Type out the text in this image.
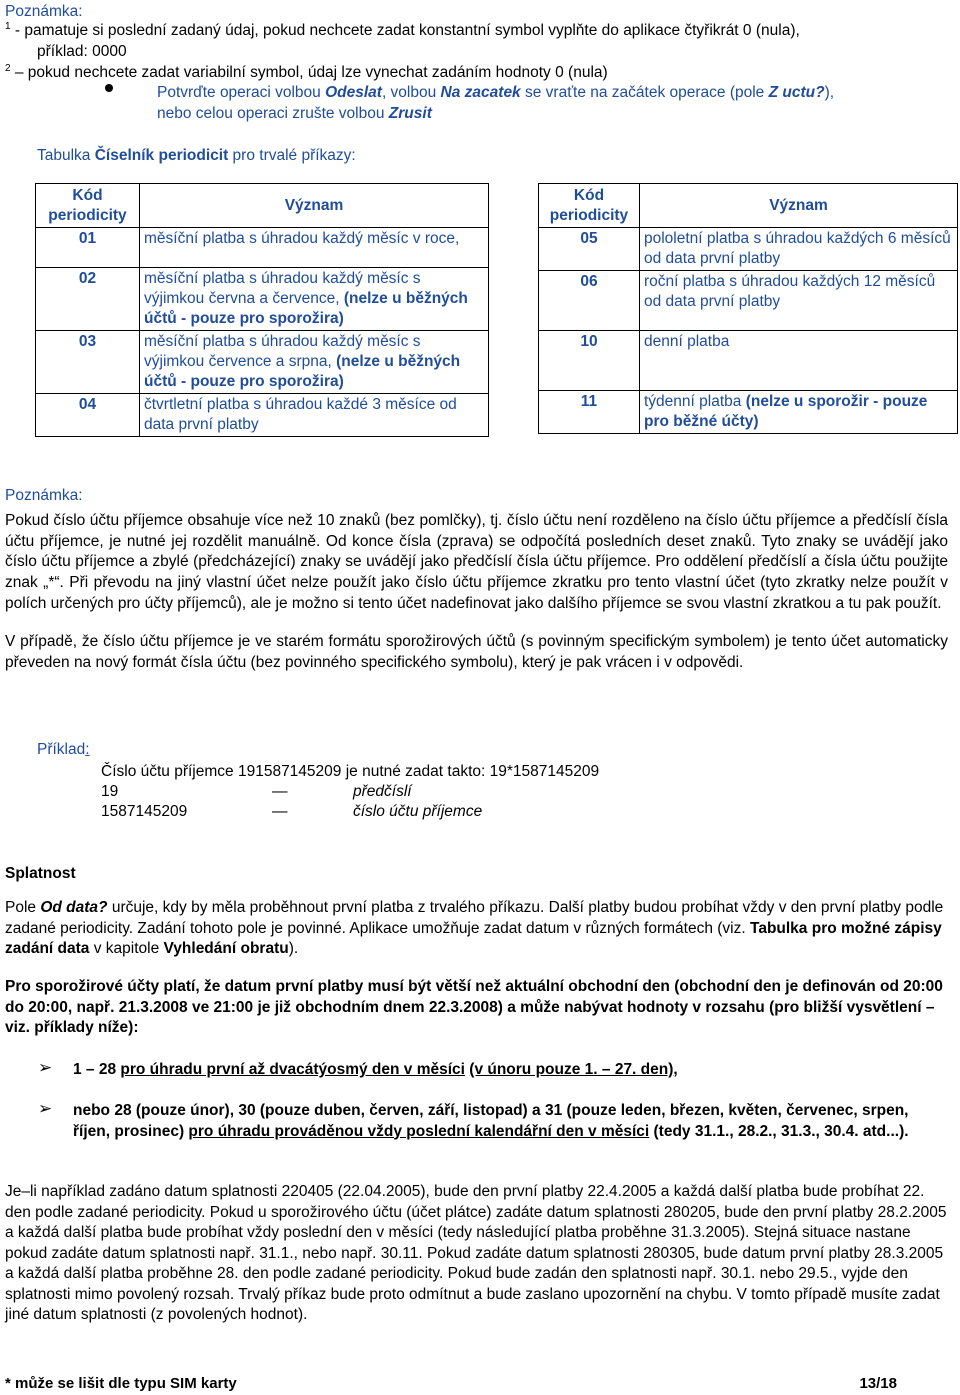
Poznámka:
$^1$ - pamatuje si poslední zadaný údaj, pokud nechcete zadat konstantní symbol vyplňte do aplikace čtyřikrát 0 (nula),
příklad: 0000
$^2$ – pokud nechcete zadat variabilní symbol, údaj lze vynechat zadáním hodnoty 0 (nula)
Potvrďte operaci volbou Odeslat, volbou Na zacatek se vraťte na začátek operace (pole Z uctu?),
nebo celou operaci zrušte volbou Zrusit
Tabulka Číselník periodicit pro trvalé příkazy:
Kód
periodicity	Význam
01	měsíční platba s úhradou každý měsíc v roce,
02	měsíční platba s úhradou každý měsíc s výjimkou června a července, (nelze u běžných účtů - pouze pro sporožira)
03	měsíční platba s úhradou každý měsíc s výjimkou července a srpna, (nelze u běžných účtů - pouze pro sporožira)
04	čtvrtletní platba s úhradou každé 3 měsíce od data první platby
Kód
periodicity	Význam
05	pololetní platba s úhradou každých 6 měsíců od data první platby
06	roční platba s úhradou každých 12 měsíců od data první platby
10	denní platba
11	týdenní platba (nelze u sporožir - pouze pro běžné účty)
Poznámka:
Pokud číslo účtu příjemce obsahuje více než 10 znaků (bez pomlčky), tj. číslo účtu není rozděleno na číslo účtu příjemce a předčíslí čísla účtu příjemce, je nutné jej rozdělit manuálně. Od konce čísla (zprava) se odpočítá posledních deset znaků. Tyto znaky se uvádějí jako číslo účtu příjemce a zbylé (předcházející) znaky se uvádějí jako předčíslí čísla účtu příjemce. Pro oddělení předčíslí a čísla účtu použijte znak „*“. Při převodu na jiný vlastní účet nelze použít jako číslo účtu příjemce zkratku pro tento vlastní účet (tyto zkratky nelze použít v polích určených pro účty příjemců), ale je možno si tento účet nadefinovat jako dalšího příjemce se svou vlastní zkratkou a tu pak použít.
V případě, že číslo účtu příjemce je ve starém formátu sporožirových účtů (s povinným specifickým symbolem) je tento účet automaticky převeden na nový formát čísla účtu (bez povinného specifického symbolu), který je pak vrácen i v odpovědi.
Příklad:
Číslo účtu příjemce 191587145209 je nutné zadat takto: 19*1587145209
19	—	předčíslí
1587145209	—	číslo účtu příjemce
Splatnost
Pole Od data? určuje, kdy by měla proběhnout první platba z trvalého příkazu. Další platby budou probíhat vždy v den první platby podle zadané periodicity. Zadání tohoto pole je povinné. Aplikace umožňuje zadat datum v různých formátech (viz. Tabulka pro možné zápisy zadání data v kapitole Vyhledání obratu).
Pro sporožirové účty platí, že datum první platby musí být větší než aktuální obchodní den (obchodní den je definován od 20:00 do 20:00, např. 21.3.2008 ve 21:00 je již obchodním dnem 22.3.2008) a může nabývat hodnoty v rozsahu (pro bližší vysvětlení – viz. příklady níže):
➢ 1 – 28 pro úhradu první až dvacátýosmý den v měsíci (v únoru pouze 1. – 27. den),
➢ nebo 28 (pouze únor), 30 (pouze duben, červen, září, listopad) a 31 (pouze leden, březen, květen, červenec, srpen, říjen, prosinec) pro úhradu prováděnou vždy poslední kalendářní den v měsíci (tedy 31.1., 28.2., 31.3., 30.4. atd...).
Je–li například zadáno datum splatnosti 220405 (22.04.2005), bude den první platby 22.4.2005 a každá další platba bude probíhat 22. den podle zadané periodicity. Pokud u sporožirového účtu (účet plátce) zadáte datum splatnosti 280205, bude den první platby 28.2.2005 a každá další platba bude probíhat vždy poslední den v měsíci (tedy následující platba proběhne 31.3.2005). Stejná situace nastane pokud zadáte datum splatnosti např. 31.1., nebo např. 30.11. Pokud zadáte datum splatnosti 280305, bude datum první platby 28.3.2005 a každá další platba proběhne 28. den podle zadané periodicity. Pokud bude zadán den splatnosti např. 30.1. nebo 29.5., vyjde den splatnosti mimo povolený rozsah. Trvalý příkaz bude proto odmítnut a bude zaslano upozornění na chybu. V tomto případě musíte zadat jiné datum splatnosti (z povolených hodnot).
* může se lišit dle typu SIM karty	13/18
